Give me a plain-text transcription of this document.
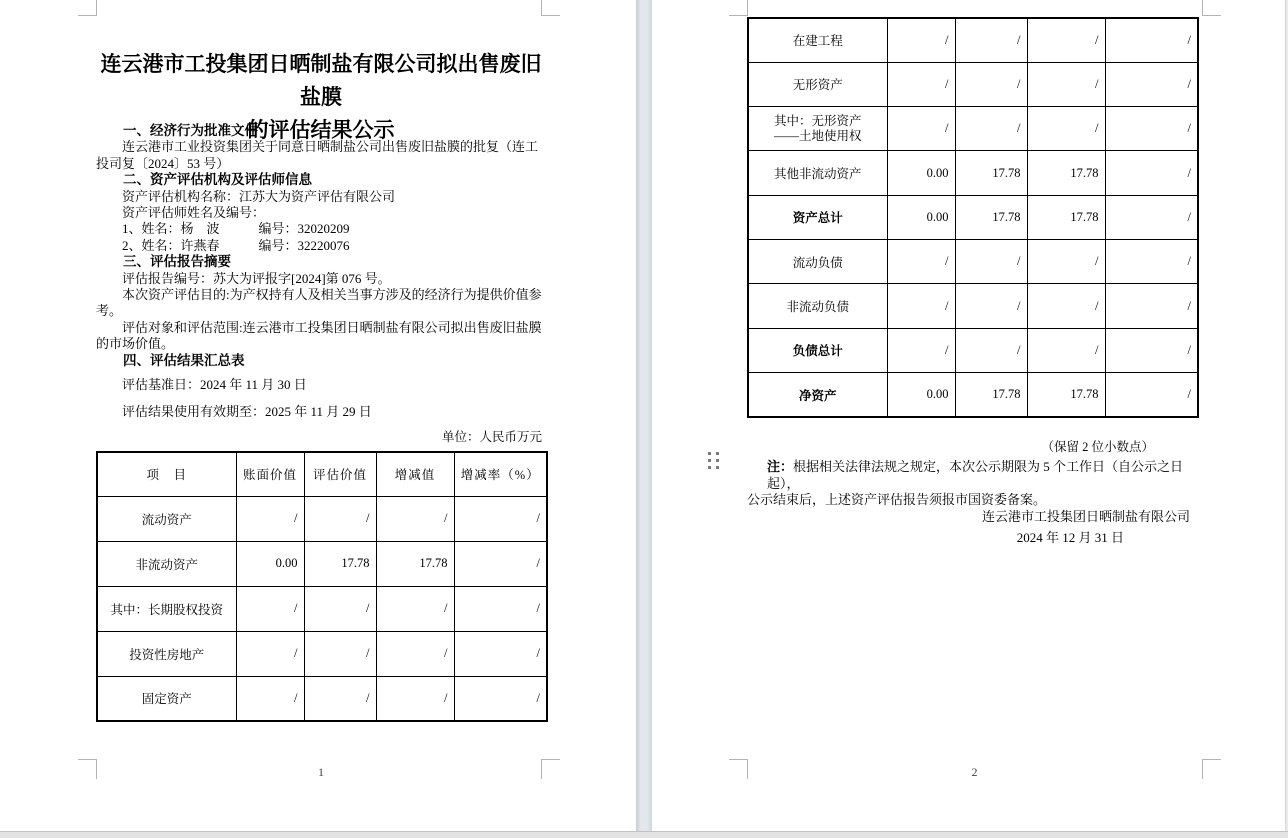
连云港市工投集团日晒制盐有限公司拟出售废旧盐膜
的评估结果公示
一、经济行为批准文件
连云港市工业投资集团关于同意日晒制盐公司出售废旧盐膜的批复（连工投司复〔2024〕53 号）
二、资产评估机构及评估师信息
资产评估机构名称：江苏大为资产评估有限公司
资产评估师姓名及编号：
1、姓名：杨　波　　　编号：32020209
2、姓名：许燕春　　　编号：32220076
三、评估报告摘要
评估报告编号：苏大为评报字[2024]第 076 号。
本次资产评估目的:为产权持有人及相关当事方涉及的经济行为提供价值参考。
评估对象和评估范围:连云港市工投集团日晒制盐有限公司拟出售废旧盐膜的市场价值。
四、评估结果汇总表
评估基准日：2024 年 11 月 30 日
评估结果使用有效期至：2025 年 11 月 29 日
单位：人民币万元
项　目	账面价值	评估价值	增减值	增减率（%）
流动资产	/	/	/	/
非流动资产	0.00	17.78	17.78	/
其中：长期股权投资	/	/	/	/
投资性房地产	/	/	/	/
固定资产	/	/	/	/
1
在建工程	/	/	/	/
无形资产	/	/	/	/

其中：无形资产
——土地使用权	/	/	/	/
其他非流动资产	0.00	17.78	17.78	/
资产总计	0.00	17.78	17.78	/
流动负债	/	/	/	/
非流动负债	/	/	/	/
负债总计	/	/	/	/
净资产	0.00	17.78	17.78	/
（保留 2 位小数点）
注：根据相关法律法规之规定，本次公示期限为 5 个工作日（自公示之日起），
公示结束后，上述资产评估报告须报市国资委备案。
连云港市工投集团日晒制盐有限公司
2024 年 12 月 31 日
2
